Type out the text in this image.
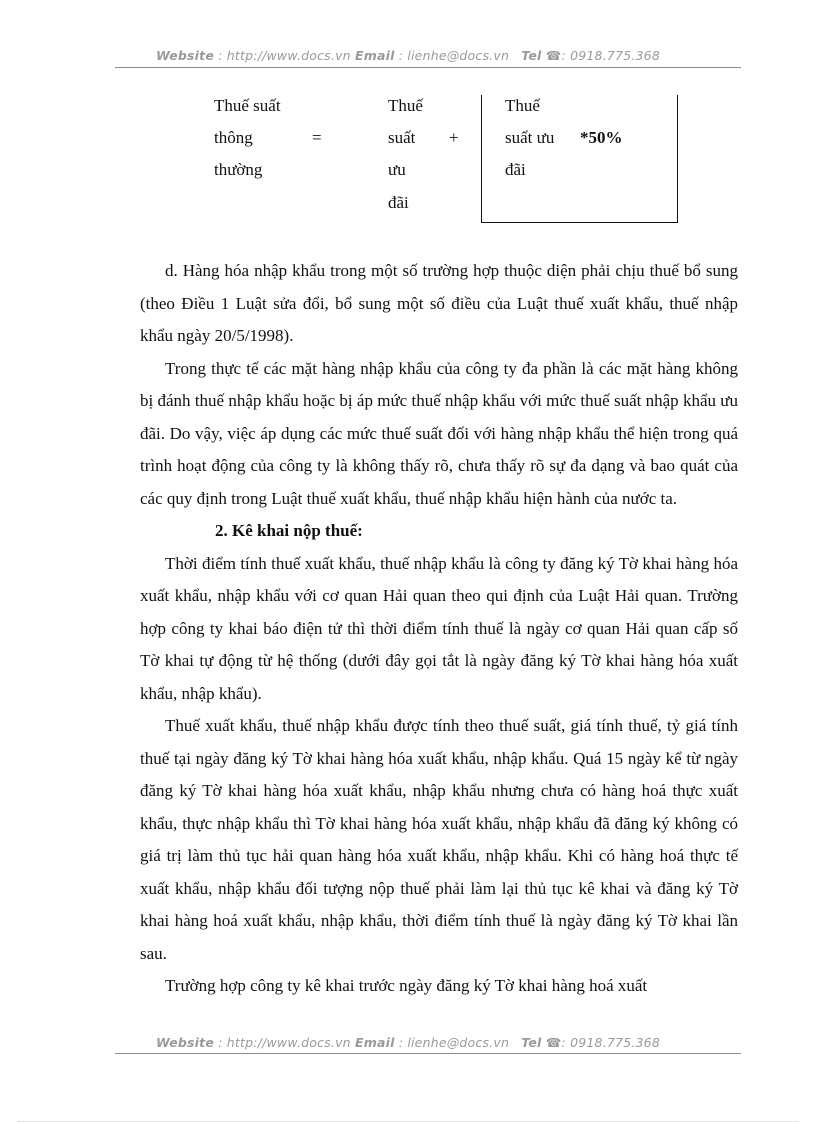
Website : http://www.docs.vn Email : lienhe@docs.vn Tel ☎: 0918.775.368
Thuế suất
thông
thường
=
Thuế
suất
ưu
đãi
+
Thuế
suất ưu
đãi
*50%

d. Hàng hóa nhập khẩu trong một số trường hợp thuộc diện phải chịu thuế bổ sung (theo Điều 1 Luật sửa đổi, bổ sung một số điều của Luật thuế xuất khẩu, thuế nhập khẩu ngày 20/5/1998).

Trong thực tế các mặt hàng nhập khẩu của công ty đa phần là các mặt hàng không bị đánh thuế nhập khẩu hoặc bị áp mức thuế nhập khẩu với mức thuế suất nhập khẩu ưu đãi. Do vậy, việc áp dụng các mức thuế suất đối với hàng nhập khẩu thể hiện trong quá trình hoạt động của công ty là không thấy rõ, chưa thấy rõ sự đa dạng và bao quát của các quy định trong Luật thuế xuất khẩu, thuế nhập khẩu hiện hành của nước ta.

2. Kê khai nộp thuế:

Thời điểm tính thuế xuất khẩu, thuế nhập khẩu là công ty đăng ký Tờ khai hàng hóa xuất khẩu, nhập khẩu với cơ quan Hải quan theo qui định của Luật Hải quan. Trường hợp công ty khai báo điện tử thì thời điểm tính thuế là ngày cơ quan Hải quan cấp số Tờ khai tự động từ hệ thống (dưới đây gọi tắt là ngày đăng ký Tờ khai hàng hóa xuất khẩu, nhập khẩu).

Thuế xuất khẩu, thuế nhập khẩu được tính theo thuế suất, giá tính thuế, tỷ giá tính thuế tại ngày đăng ký Tờ khai hàng hóa xuất khẩu, nhập khẩu. Quá 15 ngày kể từ ngày đăng ký Tờ khai hàng hóa xuất khẩu, nhập khẩu nhưng chưa có hàng hoá thực xuất khẩu, thực nhập khẩu thì Tờ khai hàng hóa xuất khẩu, nhập khẩu đã đăng ký không có giá trị làm thủ tục hải quan hàng hóa xuất khẩu, nhập khẩu. Khi có hàng hoá thực tế xuất khẩu, nhập khẩu đối tượng nộp thuế phải làm lại thủ tục kê khai và đăng ký Tờ khai hàng hoá xuất khẩu, nhập khẩu, thời điểm tính thuế là ngày đăng ký Tờ khai lần sau.

Trường hợp công ty kê khai trước ngày đăng ký Tờ khai hàng hoá xuất

Website : http://www.docs.vn Email : lienhe@docs.vn Tel ☎: 0918.775.368
